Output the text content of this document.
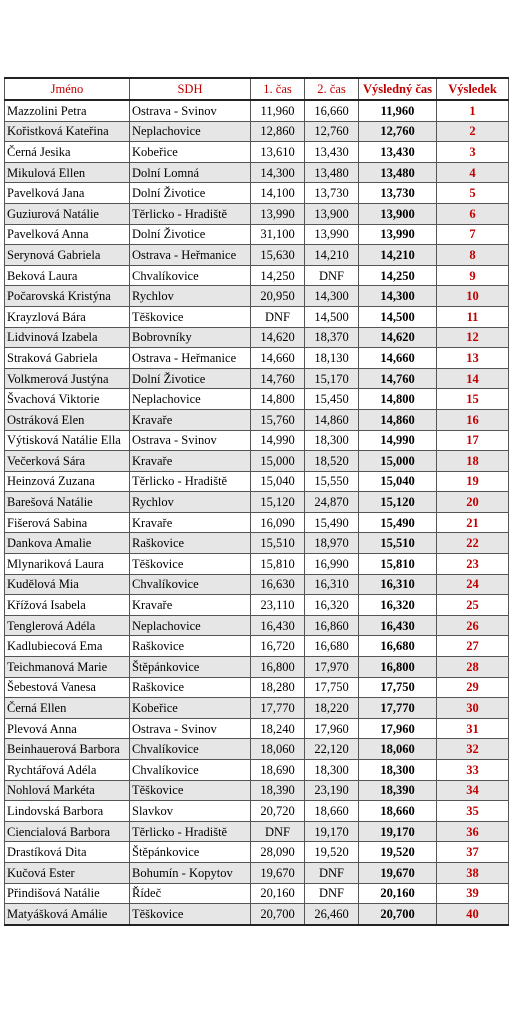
Jméno	SDH	1. čas	2. čas	Výsledný čas	Výsledek
Mazzolini Petra	Ostrava - Svinov	11,960	16,660	11,960	1
Kořistková Kateřina	Neplachovice	12,860	12,760	12,760	2
Černá Jesika	Kobeřice	13,610	13,430	13,430	3
Mikulová Ellen	Dolní Lomná	14,300	13,480	13,480	4
Pavelková Jana	Dolní Životice	14,100	13,730	13,730	5
Guziurová Natálie	Těrlicko - Hradiště	13,990	13,900	13,900	6
Pavelková Anna	Dolní Životice	31,100	13,990	13,990	7
Serynová Gabriela	Ostrava - Heřmanice	15,630	14,210	14,210	8
Beková Laura	Chvalíkovice	14,250	DNF	14,250	9
Počarovská Kristýna	Rychlov	20,950	14,300	14,300	10
Krayzlová Bára	Těškovice	DNF	14,500	14,500	11
Lidvinová Izabela	Bobrovníky	14,620	18,370	14,620	12
Straková Gabriela	Ostrava - Heřmanice	14,660	18,130	14,660	13
Volkmerová Justýna	Dolní Životice	14,760	15,170	14,760	14
Švachová Viktorie	Neplachovice	14,800	15,450	14,800	15
Ostráková Elen	Kravaře	15,760	14,860	14,860	16
Výtisková Natálie Ella	Ostrava - Svinov	14,990	18,300	14,990	17
Večerková Sára	Kravaře	15,000	18,520	15,000	18
Heinzová Zuzana	Těrlicko - Hradiště	15,040	15,550	15,040	19
Barešová Natálie	Rychlov	15,120	24,870	15,120	20
Fišerová Sabina	Kravaře	16,090	15,490	15,490	21
Dankova Amalie	Raškovice	15,510	18,970	15,510	22
Mlynariková Laura	Těškovice	15,810	16,990	15,810	23
Kudělová Mia	Chvalíkovice	16,630	16,310	16,310	24
Křížová Isabela	Kravaře	23,110	16,320	16,320	25
Tenglerová Adéla	Neplachovice	16,430	16,860	16,430	26
Kadlubiecová Ema	Raškovice	16,720	16,680	16,680	27
Teichmanová Marie	Štěpánkovice	16,800	17,970	16,800	28
Šebestová Vanesa	Raškovice	18,280	17,750	17,750	29
Černá Ellen	Kobeřice	17,770	18,220	17,770	30
Plevová Anna	Ostrava - Svinov	18,240	17,960	17,960	31
Beinhauerová Barbora	Chvalíkovice	18,060	22,120	18,060	32
Rychtářová Adéla	Chvalíkovice	18,690	18,300	18,300	33
Nohlová Markéta	Těškovice	18,390	23,190	18,390	34
Lindovská Barbora	Slavkov	20,720	18,660	18,660	35
Ciencialová Barbora	Těrlicko - Hradiště	DNF	19,170	19,170	36
Drastíková Dita	Štěpánkovice	28,090	19,520	19,520	37
Kučová Ester	Bohumín - Kopytov	19,670	DNF	19,670	38
Přindišová Natálie	Řídeč	20,160	DNF	20,160	39
Matyášková Amálie	Těškovice	20,700	26,460	20,700	40
